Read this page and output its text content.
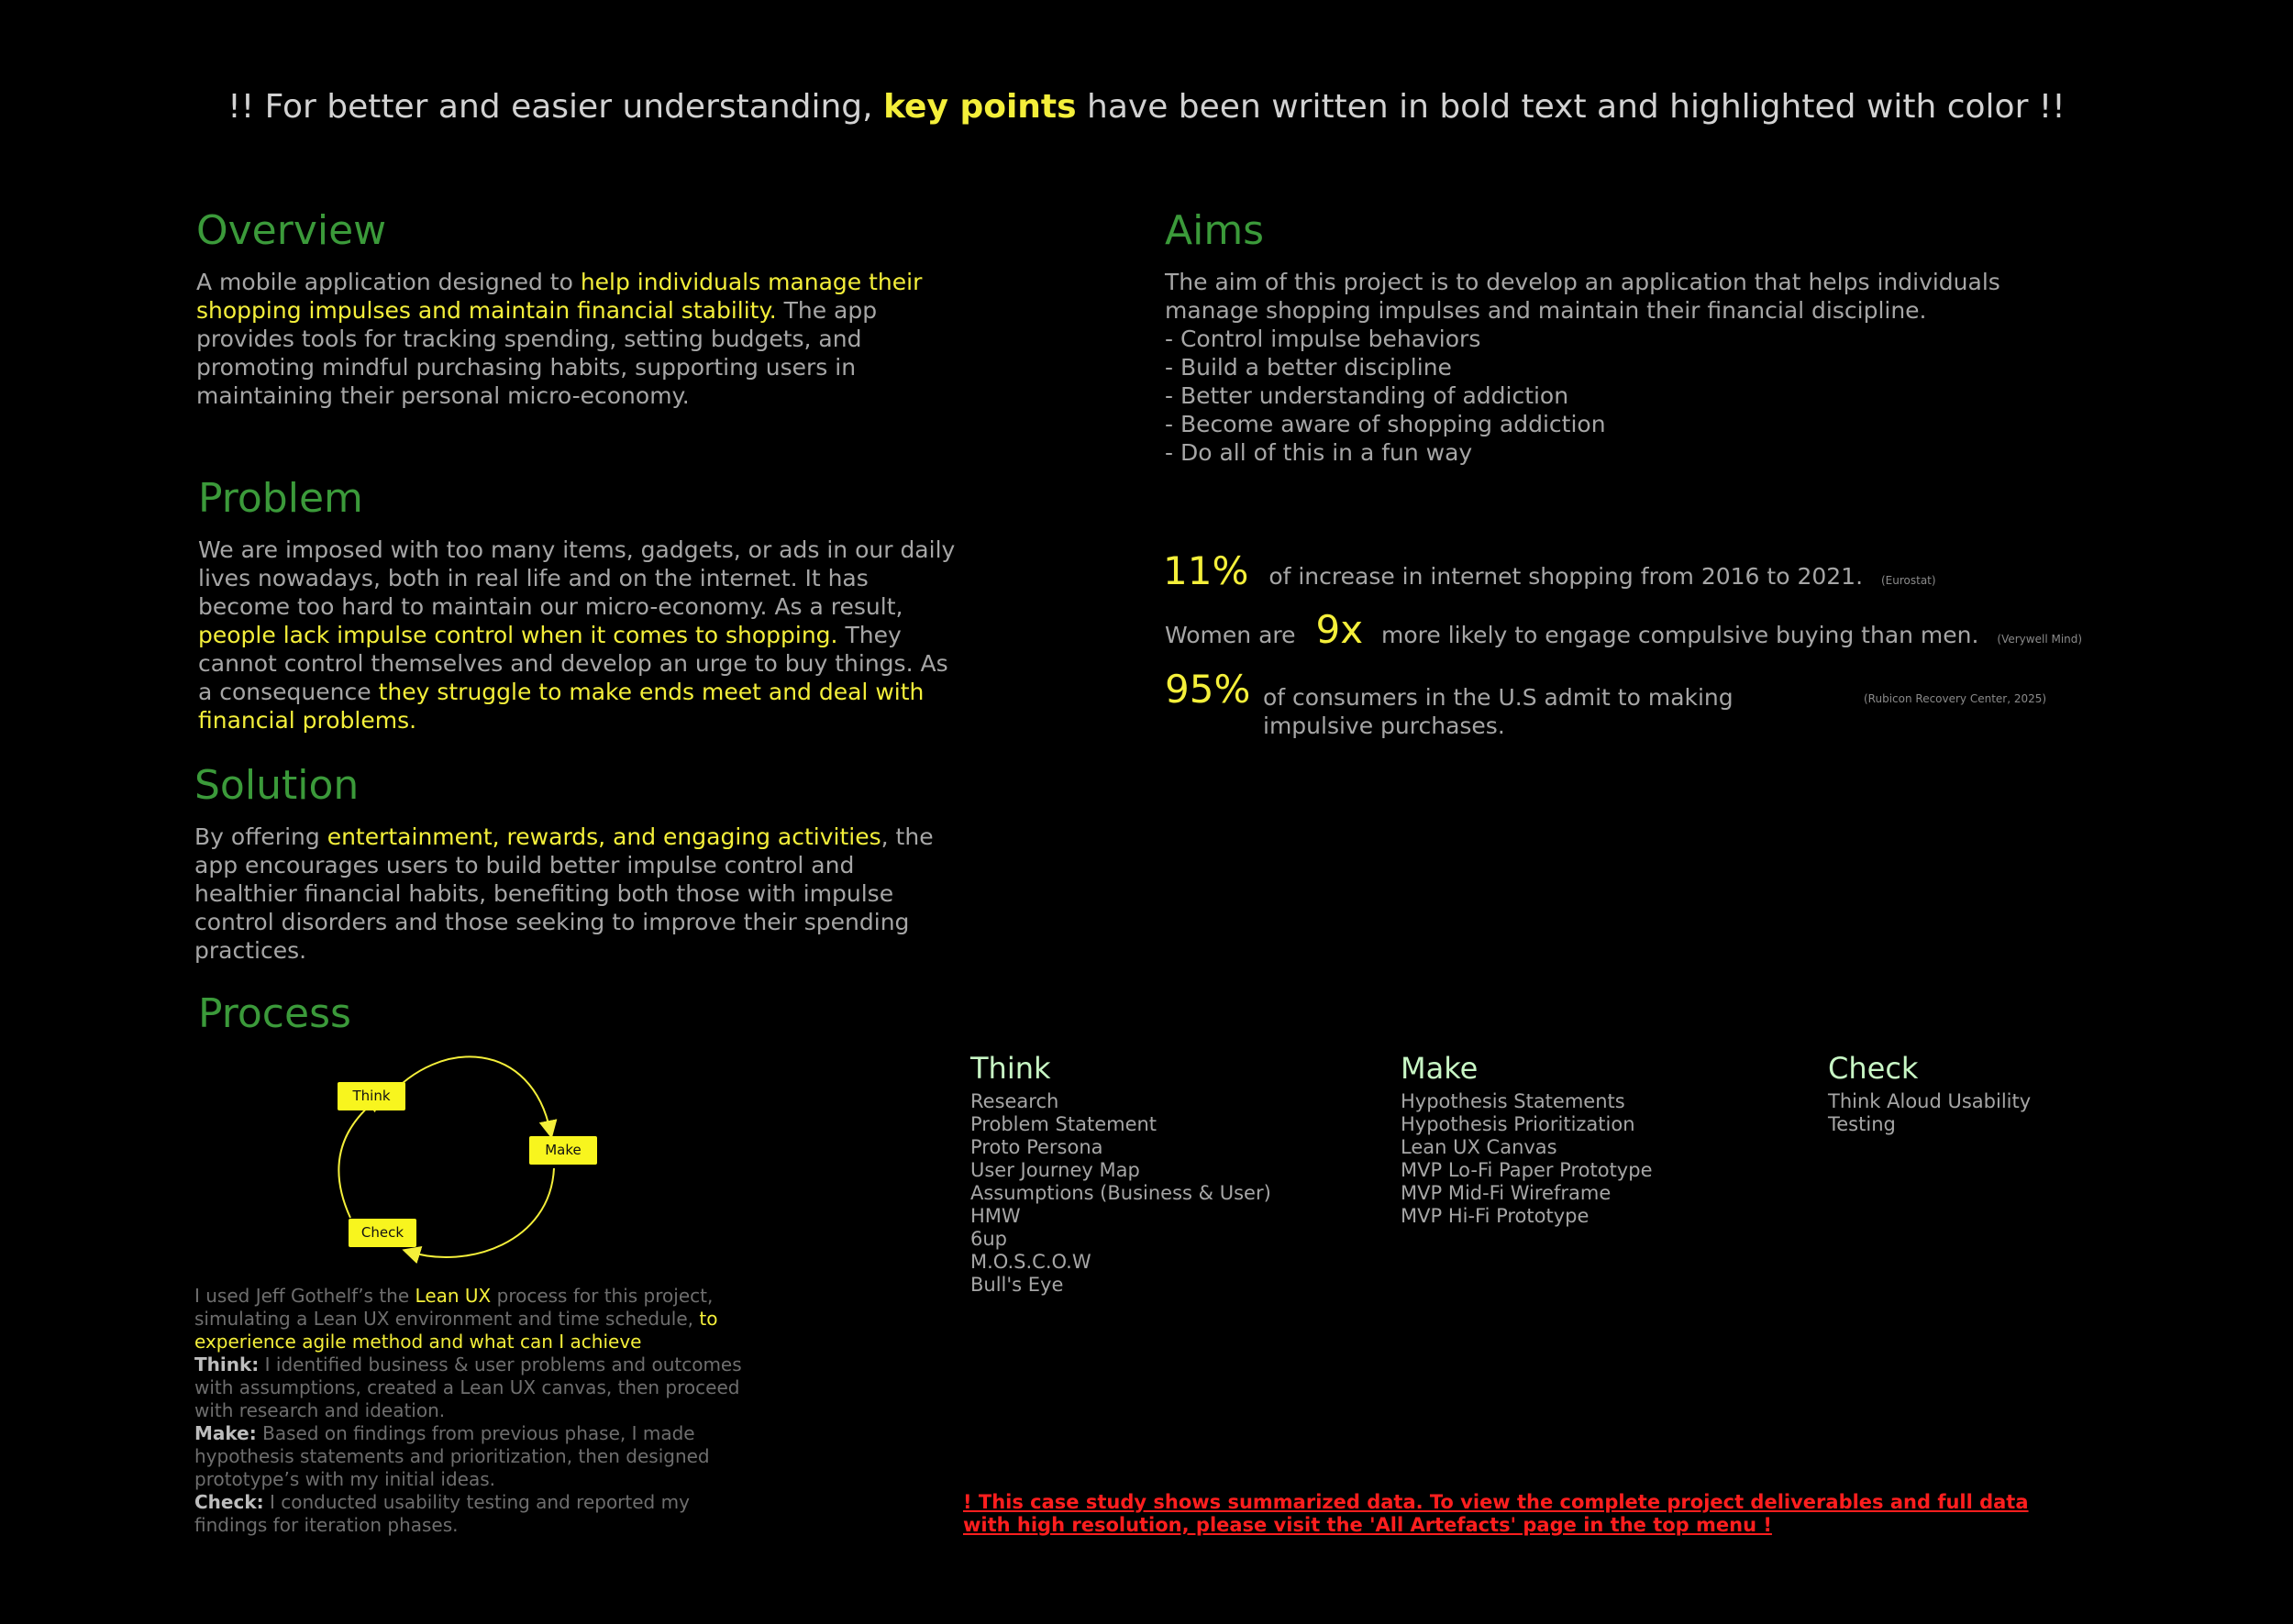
!! For better and easier understanding, key points have been written in bold text and highlighted with color !!
Overview
A mobile application designed to help individuals manage their shopping impulses and maintain financial stability. The app provides tools for tracking spending, setting budgets, and promoting mindful purchasing habits, supporting users in maintaining their personal micro-economy.
Problem
We are imposed with too many items, gadgets, or ads in our daily lives nowadays, both in real life and on the internet. It has become too hard to maintain our micro-economy. As a result, people lack impulse control when it comes to shopping. They cannot control themselves and develop an urge to buy things. As a consequence they struggle to make ends meet and deal with financial problems.
Solution
By offering entertainment, rewards, and engaging activities, the app encourages users to build better impulse control and healthier financial habits, benefiting both those with impulse control disorders and those seeking to improve their spending practices.
Aims
The aim of this project is to develop an application that helps individuals manage shopping impulses and maintain their financial discipline.
- Control impulse behaviors
- Build a better discipline
- Better understanding of addiction
- Become aware of shopping addiction
- Do all of this in a fun way
11% of increase in internet shopping from 2016 to 2021. (Eurostat)
Women are 9x more likely to engage compulsive buying than men. (Verywell Mind)
95% of consumers in the U.S admit to making impulsive purchases.
(Rubicon Recovery Center, 2025)
Process
Think
Make
Check
I used Jeff Gothelf’s the Lean UX process for this project, simulating a Lean UX environment and time schedule, to experience agile method and what can I achieve
Think: I identified business & user problems and outcomes with assumptions, created a Lean UX canvas, then proceed with research and ideation.
Make: Based on findings from previous phase, I made hypothesis statements and prioritization, then designed prototype’s with my initial ideas.
Check: I conducted usability testing and reported my findings for iteration phases.
Think
Research
Problem Statement
Proto Persona
User Journey Map
Assumptions (Business & User)
HMW
6up
M.O.S.C.O.W
Bull's Eye
Make
Hypothesis Statements
Hypothesis Prioritization
Lean UX Canvas
MVP Lo-Fi Paper Prototype
MVP Mid-Fi Wireframe
MVP Hi-Fi Prototype
Check
Think Aloud Usability
Testing
! This case study shows summarized data. To view the complete project deliverables and full data with high resolution, please visit the 'All Artefacts' page in the top menu !
